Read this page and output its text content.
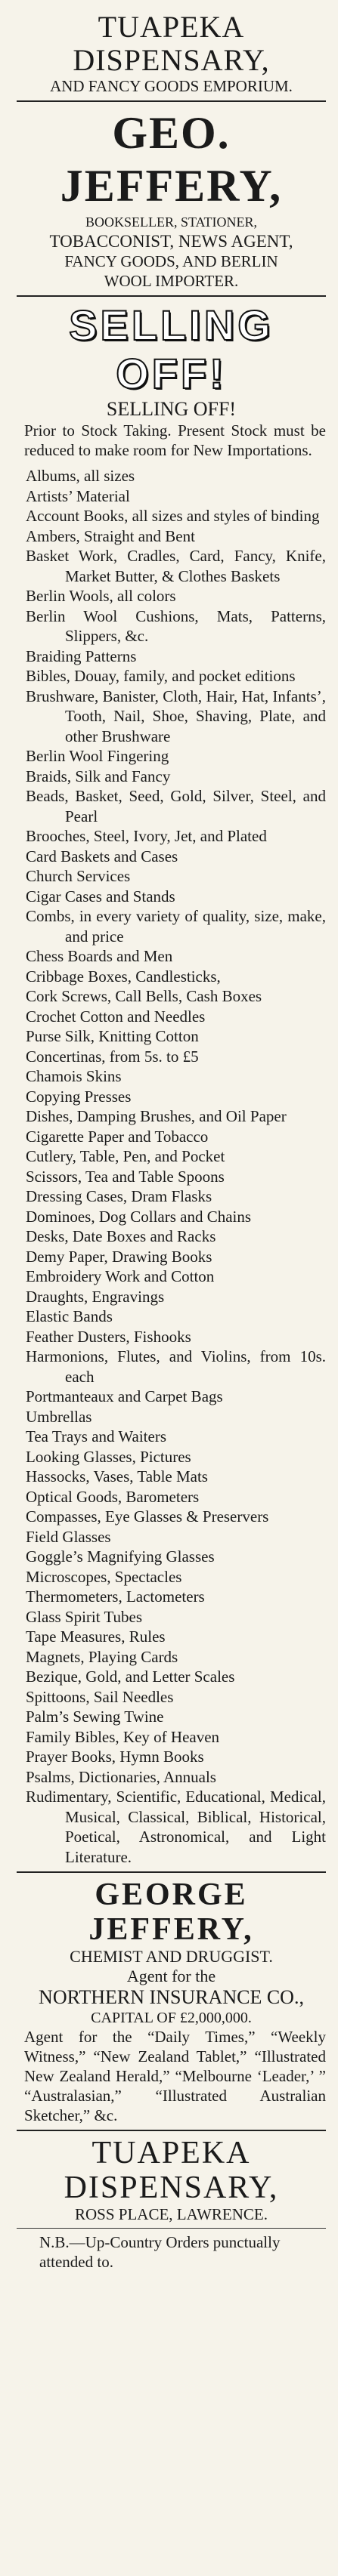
TUAPEKA DISPENSARY,
AND FANCY GOODS EMPORIUM.
GEO. JEFFERY,
BOOKSELLER, STATIONER,
TOBACCONIST, NEWS AGENT,
FANCY GOODS, AND BERLIN
WOOL IMPORTER.
SELLING OFF!
SELLING OFF!
Prior to Stock Taking. Present Stock must be reduced to make room for New Importations.
Albums, all sizes
Artists’ Material
Account Books, all sizes and styles of binding
Ambers, Straight and Bent
Basket Work, Cradles, Card, Fancy, Knife, Market Butter, & Clothes Baskets
Berlin Wools, all colors
Berlin Wool Cushions, Mats, Patterns, Slippers, &c.
Braiding Patterns
Bibles, Douay, family, and pocket editions
Brushware, Banister, Cloth, Hair, Hat, Infants’, Tooth, Nail, Shoe, Shaving, Plate, and other Brushware
Berlin Wool Fingering
Braids, Silk and Fancy
Beads, Basket, Seed, Gold, Silver, Steel, and Pearl
Brooches, Steel, Ivory, Jet, and Plated
Card Baskets and Cases
Church Services
Cigar Cases and Stands
Combs, in every variety of quality, size, make, and price
Chess Boards and Men
Cribbage Boxes, Candlesticks,
Cork Screws, Call Bells, Cash Boxes
Crochet Cotton and Needles
Purse Silk, Knitting Cotton
Concertinas, from 5s. to £5
Chamois Skins
Copying Presses
Dishes, Damping Brushes, and Oil Paper
Cigarette Paper and Tobacco
Cutlery, Table, Pen, and Pocket
Scissors, Tea and Table Spoons
Dressing Cases, Dram Flasks
Dominoes, Dog Collars and Chains
Desks, Date Boxes and Racks
Demy Paper, Drawing Books
Embroidery Work and Cotton
Draughts, Engravings
Elastic Bands
Feather Dusters, Fishooks
Harmonions, Flutes, and Violins, from 10s. each
Portmanteaux and Carpet Bags
Umbrellas
Tea Trays and Waiters
Looking Glasses, Pictures
Hassocks, Vases, Table Mats
Optical Goods, Barometers
Compasses, Eye Glasses & Preservers
Field Glasses
Goggle’s Magnifying Glasses
Microscopes, Spectacles
Thermometers, Lactometers
Glass Spirit Tubes
Tape Measures, Rules
Magnets, Playing Cards
Bezique, Gold, and Letter Scales
Spittoons, Sail Needles
Palm’s Sewing Twine
Family Bibles, Key of Heaven
Prayer Books, Hymn Books
Psalms, Dictionaries, Annuals
Rudimentary, Scientific, Educational, Medical, Musical, Classical, Biblical, Historical, Poetical, Astronomical, and Light Literature.
GEORGE JEFFERY,
CHEMIST AND DRUGGIST.
Agent for the
NORTHERN INSURANCE CO.,
CAPITAL OF £2,000,000.
Agent for the “Daily Times,” “Weekly Witness,” “New Zealand Tablet,” “Illustrated New Zealand Herald,” “Melbourne ‘Leader,’ ” “Australasian,” “Illustrated Australian Sketcher,” &c.
TUAPEKA DISPENSARY,
ROSS PLACE, LAWRENCE.
N.B.—Up-Country Orders punctually attended to.
